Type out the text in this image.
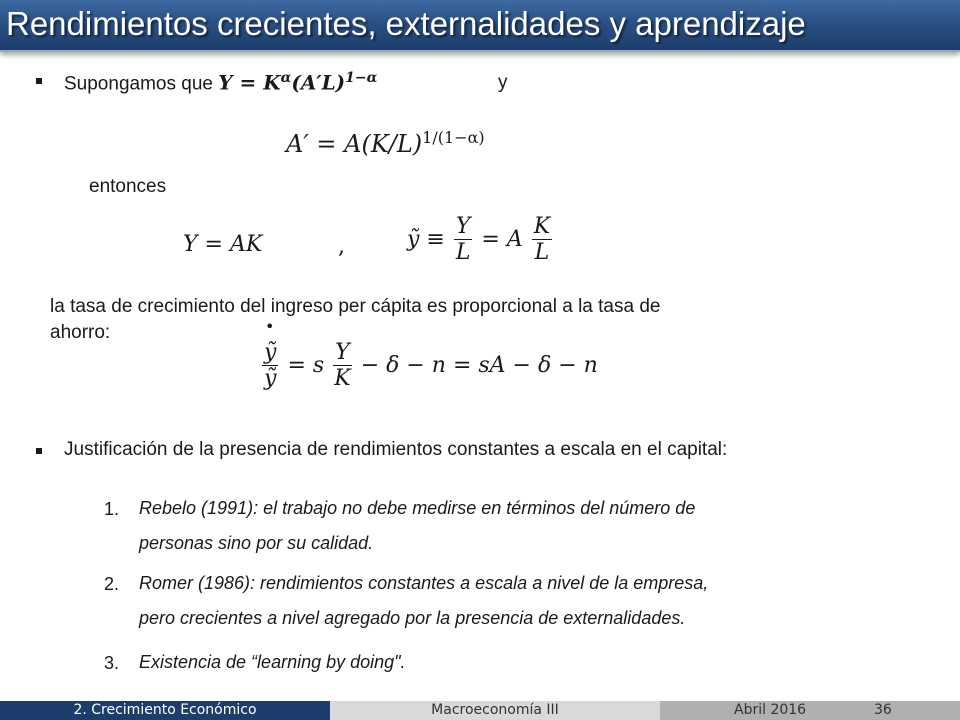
Rendimientos crecientes, externalidades y aprendizaje
Supongamos que $Y = K^\alpha(A'L)^{1-\alpha}$	y
$A' = A(K/L)^{1/(1-\alpha)}$
entonces
Y = AK	,	ỹ ≡ $\frac{Y}{L} = A \frac{K}{L}$
la tasa de crecimiento del ingreso per cápita es proporcional a la tasa de
ahorro:	•
$\frac{\text{ỹ}}{\text{ỹ}} = s \frac{Y}{K} - \delta - n$ = sA − δ − n
Justificación de la presencia de rendimientos constantes a escala en el capital:
1. Rebelo (1991): el trabajo no debe medirse en términos del número de
personas sino por su calidad.
2. Romer (1986): rendimientos constantes a escala a nivel de la empresa,
pero crecientes a nivel agregado por la presencia de externalidades.
3. Existencia de “learning by doing".
2. Crecimiento Económico	Macroeconomía III	Abril 2016	36
